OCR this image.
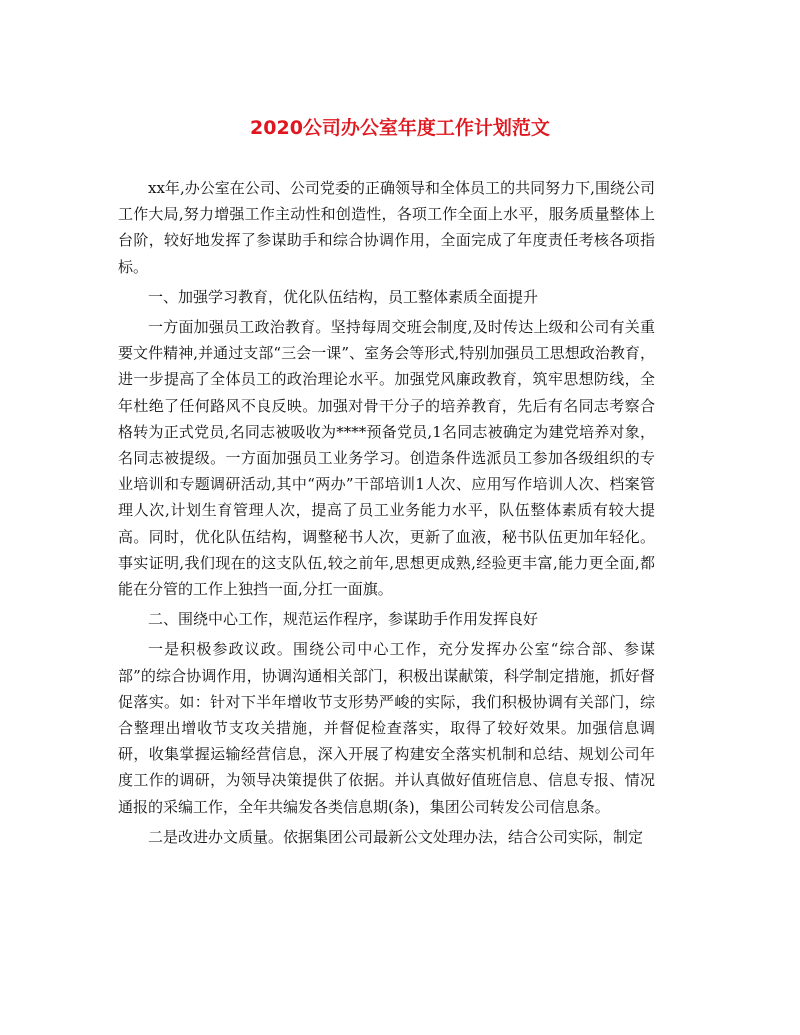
2020公司办公室年度工作计划范文

xx年,办公室在公司、公司党委的正确领导和全体员工的共同努力下,围绕公司工作大局,努力增强工作主动性和创造性，各项工作全面上水平，服务质量整体上台阶，较好地发挥了参谋助手和综合协调作用，全面完成了年度责任考核各项指标。

一、加强学习教育，优化队伍结构，员工整体素质全面提升

一方面加强员工政治教育。坚持每周交班会制度,及时传达上级和公司有关重要文件精神,并通过支部“三会一课”、室务会等形式,特别加强员工思想政治教育，进一步提高了全体员工的政治理论水平。加强党风廉政教育，筑牢思想防线，全年杜绝了任何路风不良反映。加强对骨干分子的培养教育，先后有名同志考察合格转为正式党员,名同志被吸收为****预备党员,1名同志被确定为建党培养对象，名同志被提级。一方面加强员工业务学习。创造条件选派员工参加各级组织的专业培训和专题调研活动,其中“两办”干部培训1人次、应用写作培训人次、档案管理人次,计划生育管理人次，提高了员工业务能力水平，队伍整体素质有较大提高。同时，优化队伍结构，调整秘书人次，更新了血液，秘书队伍更加年轻化。事实证明,我们现在的这支队伍,较之前年,思想更成熟,经验更丰富,能力更全面,都能在分管的工作上独挡一面,分扛一面旗。

二、围绕中心工作，规范运作程序，参谋助手作用发挥良好

一是积极参政议政。围绕公司中心工作，充分发挥办公室“综合部、参谋部”的综合协调作用，协调沟通相关部门，积极出谋献策，科学制定措施，抓好督促落实。如：针对下半年增收节支形势严峻的实际，我们积极协调有关部门，综合整理出增收节支攻关措施，并督促检查落实，取得了较好效果。加强信息调研，收集掌握运输经营信息，深入开展了构建安全落实机制和总结、规划公司年度工作的调研，为领导决策提供了依据。并认真做好值班信息、信息专报、情况通报的采编工作，全年共编发各类信息期(条)，集团公司转发公司信息条。

二是改进办文质量。依据集团公司最新公文处理办法，结合公司实际，制定
